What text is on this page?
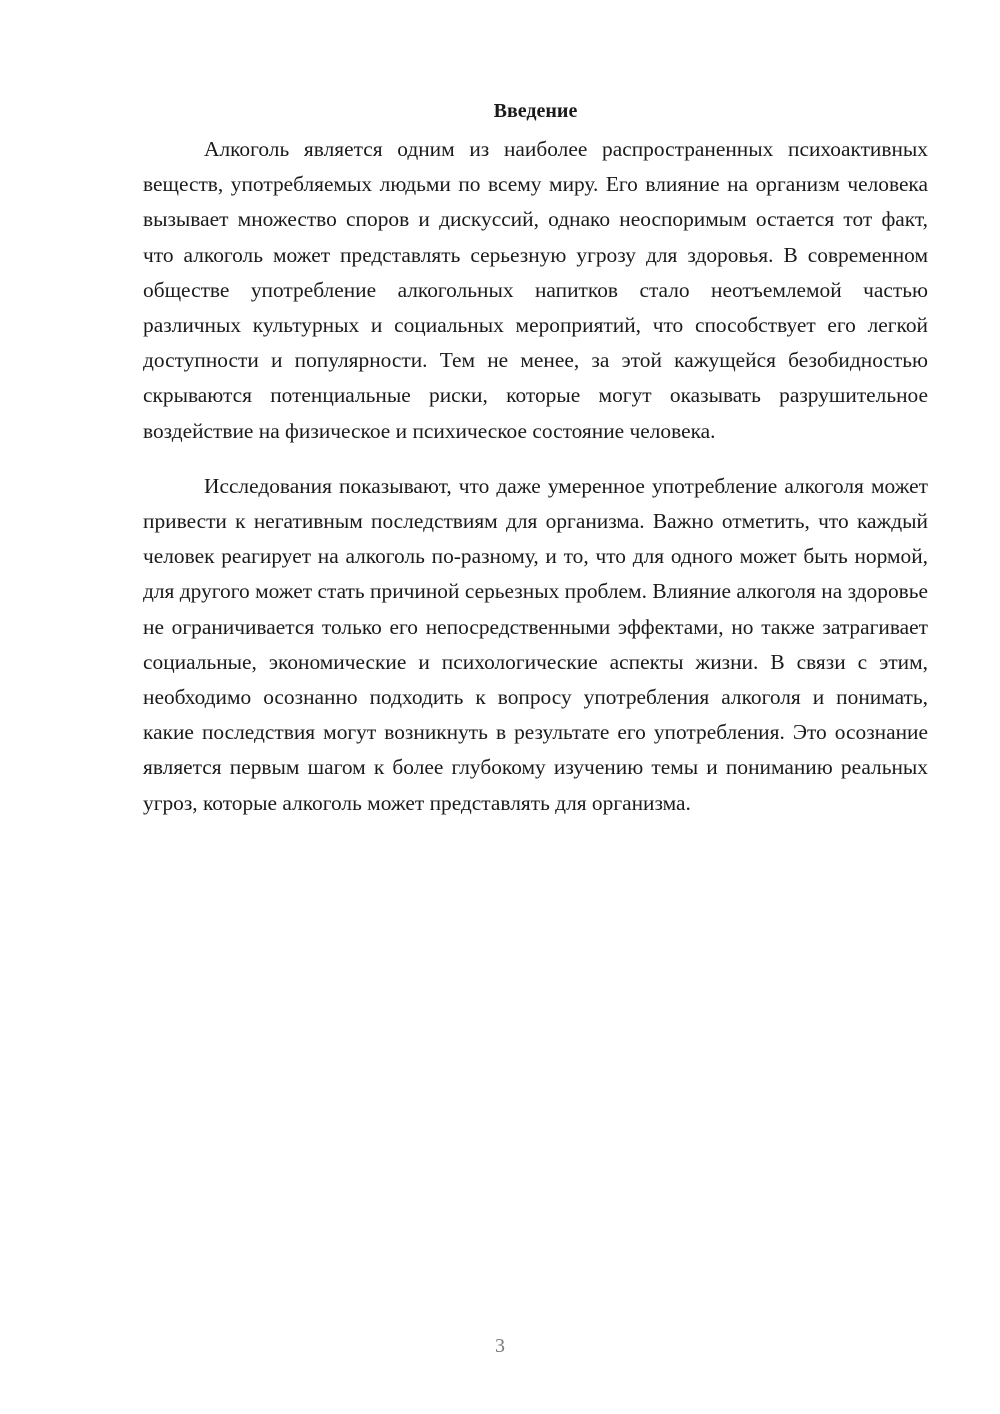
Введение

Алкоголь является одним из наиболее распространенных психоактивных веществ, употребляемых людьми по всему миру. Его влияние на организм человека вызывает множество споров и дискуссий, однако неоспоримым остается тот факт, что алкоголь может представлять серьезную угрозу для здоровья. В современном обществе употребление алкогольных напитков стало неотъемлемой частью различных культурных и социальных мероприятий, что способствует его легкой доступности и популярности. Тем не менее, за этой кажущейся безобидностью скрываются потенциальные риски, которые могут оказывать разрушительное воздействие на физическое и психическое состояние человека.

Исследования показывают, что даже умеренное употребление алкоголя может привести к негативным последствиям для организма. Важно отметить, что каждый человек реагирует на алкоголь по-разному, и то, что для одного может быть нормой, для другого может стать причиной серьезных проблем. Влияние алкоголя на здоровье не ограничивается только его непосредственными эффектами, но также затрагивает социальные, экономические и психологические аспекты жизни. В связи с этим, необходимо осознанно подходить к вопросу употребления алкоголя и понимать, какие последствия могут возникнуть в результате его употребления. Это осознание является первым шагом к более глубокому изучению темы и пониманию реальных угроз, которые алкоголь может представлять для организма.

3
